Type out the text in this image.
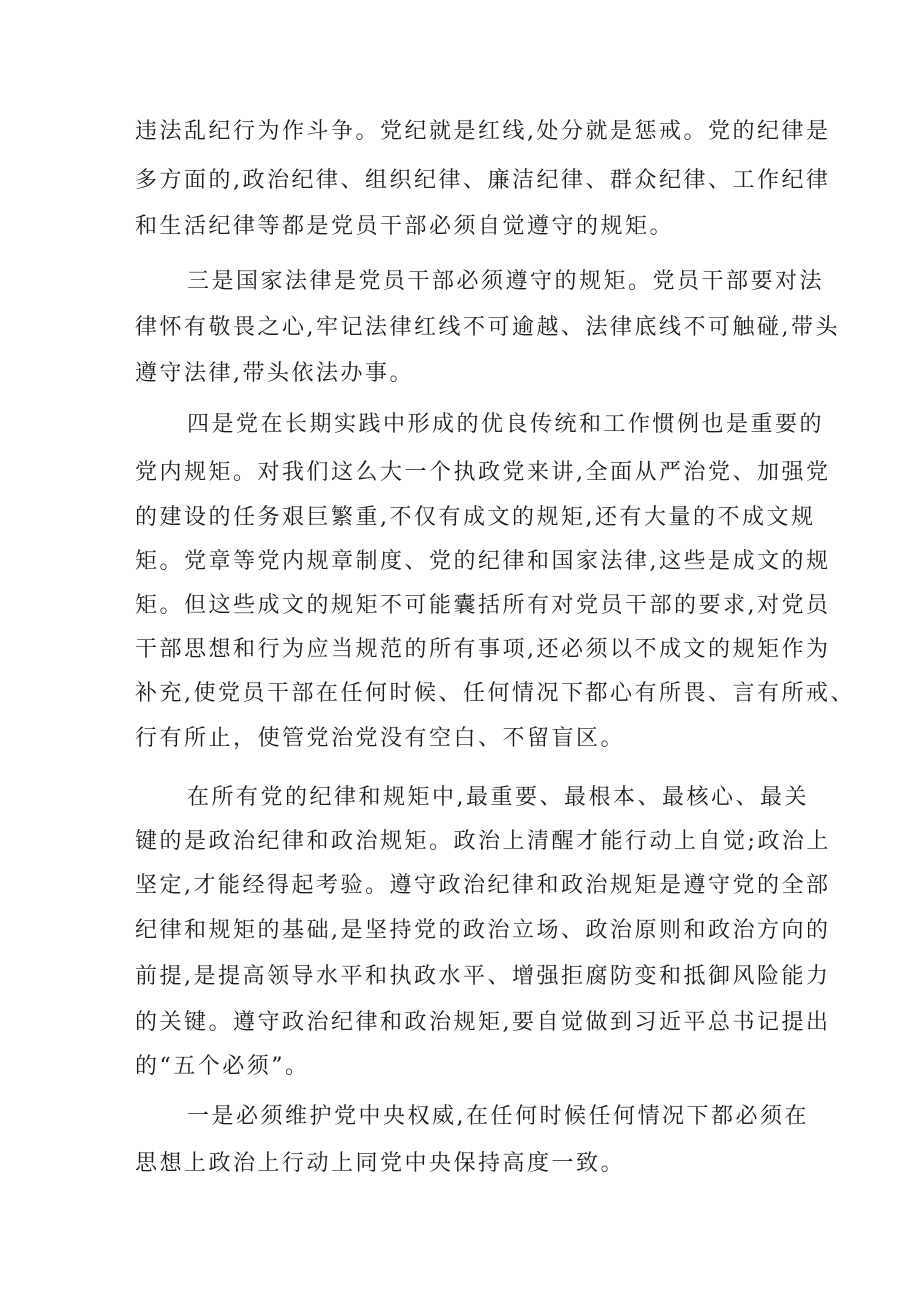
违法乱纪行为作斗争。党纪就是红线,处分就是惩戒。党的纪律是
多方面的,政治纪律、组织纪律、廉洁纪律、群众纪律、工作纪律
和生活纪律等都是党员干部必须自觉遵守的规矩。
三是国家法律是党员干部必须遵守的规矩。党员干部要对法
律怀有敬畏之心,牢记法律红线不可逾越、法律底线不可触碰,带头
遵守法律,带头依法办事。
四是党在长期实践中形成的优良传统和工作惯例也是重要的
党内规矩。对我们这么大一个执政党来讲,全面从严治党、加强党
的建设的任务艰巨繁重,不仅有成文的规矩,还有大量的不成文规
矩。党章等党内规章制度、党的纪律和国家法律,这些是成文的规
矩。但这些成文的规矩不可能囊括所有对党员干部的要求,对党员
干部思想和行为应当规范的所有事项,还必须以不成文的规矩作为
补充,使党员干部在任何时候、任何情况下都心有所畏、言有所戒、
行有所止，使管党治党没有空白、不留盲区。
在所有党的纪律和规矩中,最重要、最根本、最核心、最关
键的是政治纪律和政治规矩。政治上清醒才能行动上自觉;政治上
坚定,才能经得起考验。遵守政治纪律和政治规矩是遵守党的全部
纪律和规矩的基础,是坚持党的政治立场、政治原则和政治方向的
前提,是提高领导水平和执政水平、增强拒腐防变和抵御风险能力
的关键。遵守政治纪律和政治规矩,要自觉做到习近平总书记提出
的“五个必须”。
一是必须维护党中央权威,在任何时候任何情况下都必须在
思想上政治上行动上同党中央保持高度一致。
